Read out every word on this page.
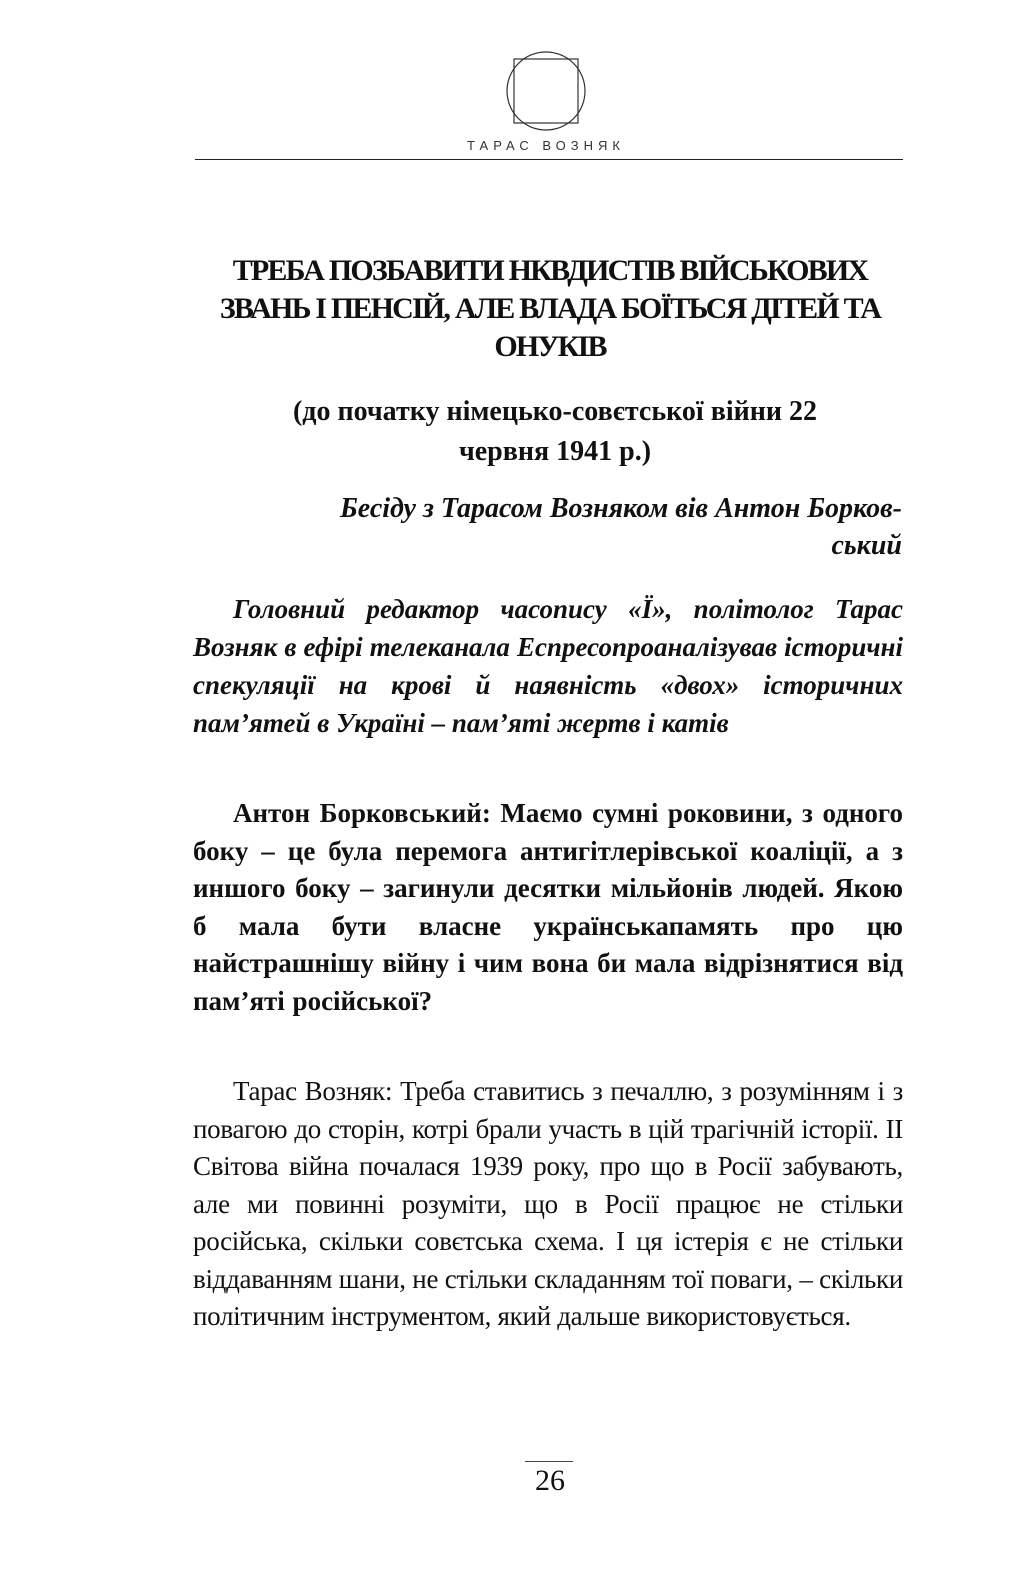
ТАРАС ВОЗНЯК
ТРЕБА ПОЗБАВИТИ НКВДИСТІВ ВІЙСЬКОВИХ ЗВАНЬ І ПЕНСІЙ, АЛЕ ВЛАДА БОЇТЬСЯ ДІТЕЙ ТА ОНУКІВ

(до початку німецько-совєтської війни 22
червня 1941 р.)

Бесіду з Тарасом Возняком вів Антон Борков-
ський

Головний редактор часопису «Ї», політолог Тарас Возняк в ефірі телеканала Еспресопроаналізував історичні спекуляції на крові й наявність «двох» історичних пам’ятей в Україні – пам’яті жертв і катів

Антон Борковський: Маємо сумні роковини, з одного боку – це була перемога антигітлерівської коаліції, а з иншого боку – загинули десятки мільйонів людей. Якою б мала бути власне українськапамять про цю найстрашнішу війну і чим вона би мала відрізнятися від пам’яті російської?

Тарас Возняк: Треба ставитись з печаллю, з розумінням і з повагою до сторін, котрі брали участь в цій трагічній історії. ІІ Світова війна почалася 1939 року, про що в Росії забувають, але ми повинні розуміти, що в Росії працює не стільки російська, скільки совєтська схема. І ця істерія є не стільки віддаванням шани, не стільки складанням тої поваги, – скільки політичним інструментом, який дальше використовується.

26
